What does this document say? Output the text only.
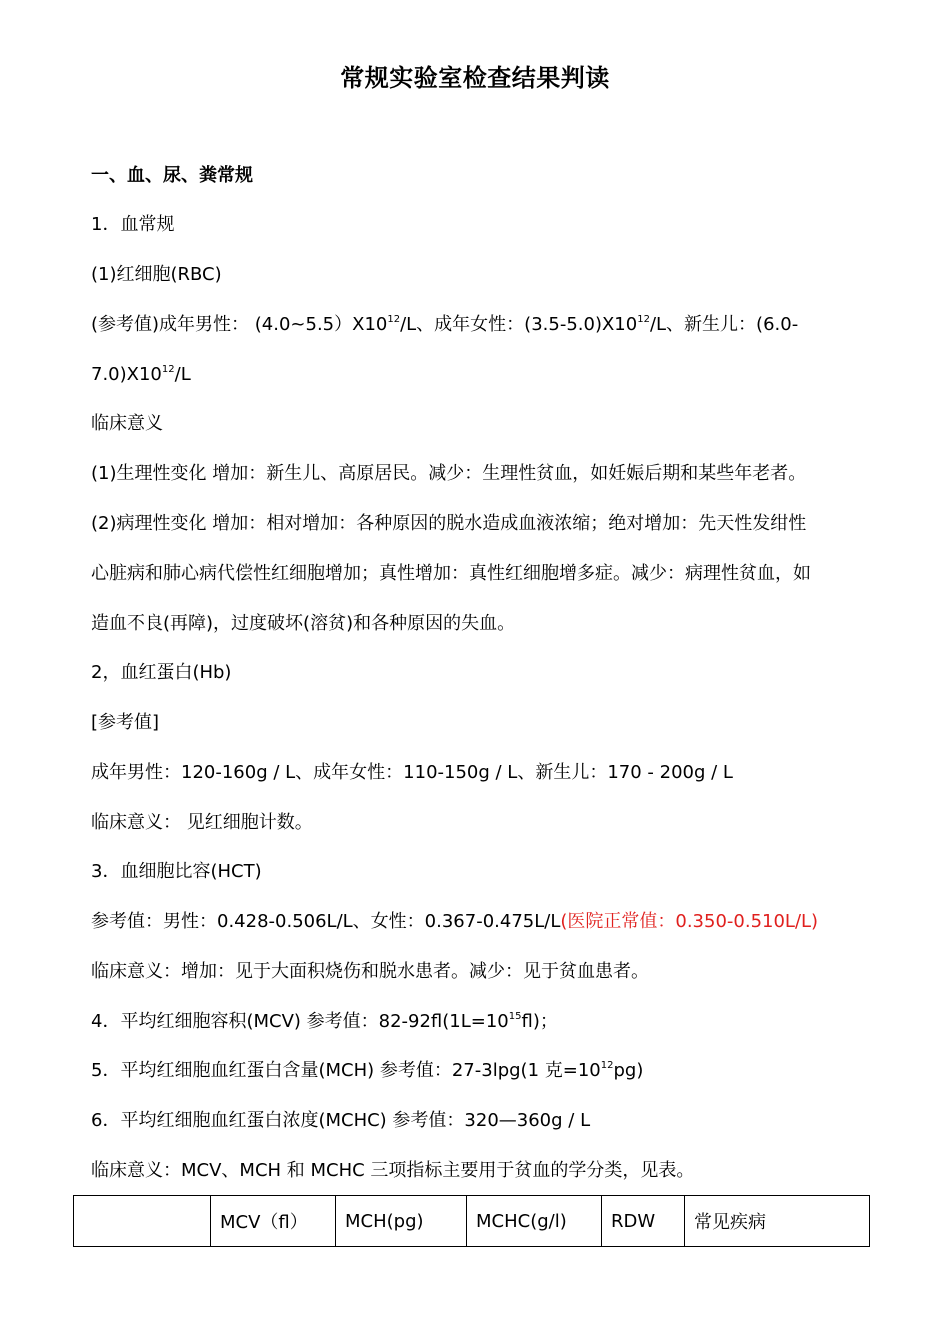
常规实验室检查结果判读
一、血、尿、粪常规
1．血常规
(1)红细胞(RBC)
(参考值)成年男性： $(4.0\sim 5.5)X10^{12}/L$、成年女性：$(3.5-5.0)X10^{12}/L$、新生儿：(6.0-
$7.0)X10^{12}/L$
临床意义
(1)生理性变化 增加：新生儿、高原居民。减少：生理性贫血，如妊娠后期和某些年老者。
(2)病理性变化 增加：相对增加：各种原因的脱水造成血液浓缩；绝对增加：先天性发绀性
心脏病和肺心病代偿性红细胞增加；真性增加：真性红细胞增多症。减少：病理性贫血，如
造血不良(再障)，过度破坏(溶贫)和各种原因的失血。
2，血红蛋白(Hb)
[参考值]
成年男性：120-160g / L、成年女性：110-150g / L、新生儿：170 - 200g / L
临床意义： 见红细胞计数。
3．血细胞比容(HCT)
参考值：男性：0.428-0.506L/L、女性：0.367-0.475L/L(医院正常值：0.350-0.510L/L)
临床意义：增加：见于大面积烧伤和脱水患者。减少：见于贫血患者。
4．平均红细胞容积(MCV) 参考值：$82-92fl(1L=10^{15}fl)$；
5．平均红细胞血红蛋白含量(MCH) 参考值：27-3lpg(1 克$=10^{12}pg$)
6．平均红细胞血红蛋白浓度(MCHC) 参考值：320—360g / L
临床意义：MCV、MCH 和 MCHC 三项指标主要用于贫血的学分类，见表。
	MCV（fl）	MCH(pg)	MCHC(g/l)	RDW	常见疾病
